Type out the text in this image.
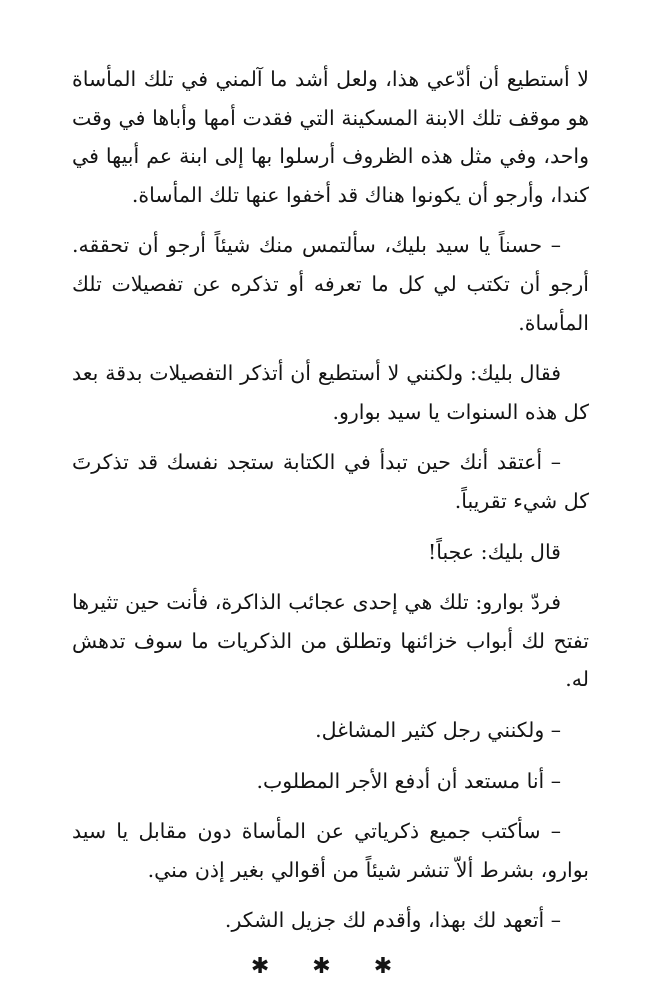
لا أستطيع أن أدّعي هذا، ولعل أشد ما آلمني في تلك المأساة هو موقف تلك الابنة المسكينة التي فقدت أمها وأباها في وقت واحد، وفي مثل هذه الظروف أرسلوا بها إلى ابنة عم أبيها في كندا، وأرجو أن يكونوا هناك قد أخفوا عنها تلك المأساة.

– حسناً يا سيد بليك، سألتمس منك شيئاً أرجو أن تحققه. أرجو أن تكتب لي كل ما تعرفه أو تذكره عن تفصيلات تلك المأساة.

فقال بليك: ولكنني لا أستطيع أن أتذكر التفصيلات بدقة بعد كل هذه السنوات يا سيد بوارو.

– أعتقد أنك حين تبدأ في الكتابة ستجد نفسك قد تذكرتَ كل شيء تقريباً.

قال بليك: عجباً!

فردّ بوارو: تلك هي إحدى عجائب الذاكرة، فأنت حين تثيرها تفتح لك أبواب خزائنها وتطلق من الذكريات ما سوف تدهش له.

– ولكنني رجل كثير المشاغل.

– أنا مستعد أن أدفع الأجر المطلوب.

– سأكتب جميع ذكرياتي عن المأساة دون مقابل يا سيد بوارو، بشرط ألاّ تنشر شيئاً من أقوالي بغير إذن مني.

– أتعهد لك بهذا، وأقدم لك جزيل الشكر.

✱ ✱ ✱
